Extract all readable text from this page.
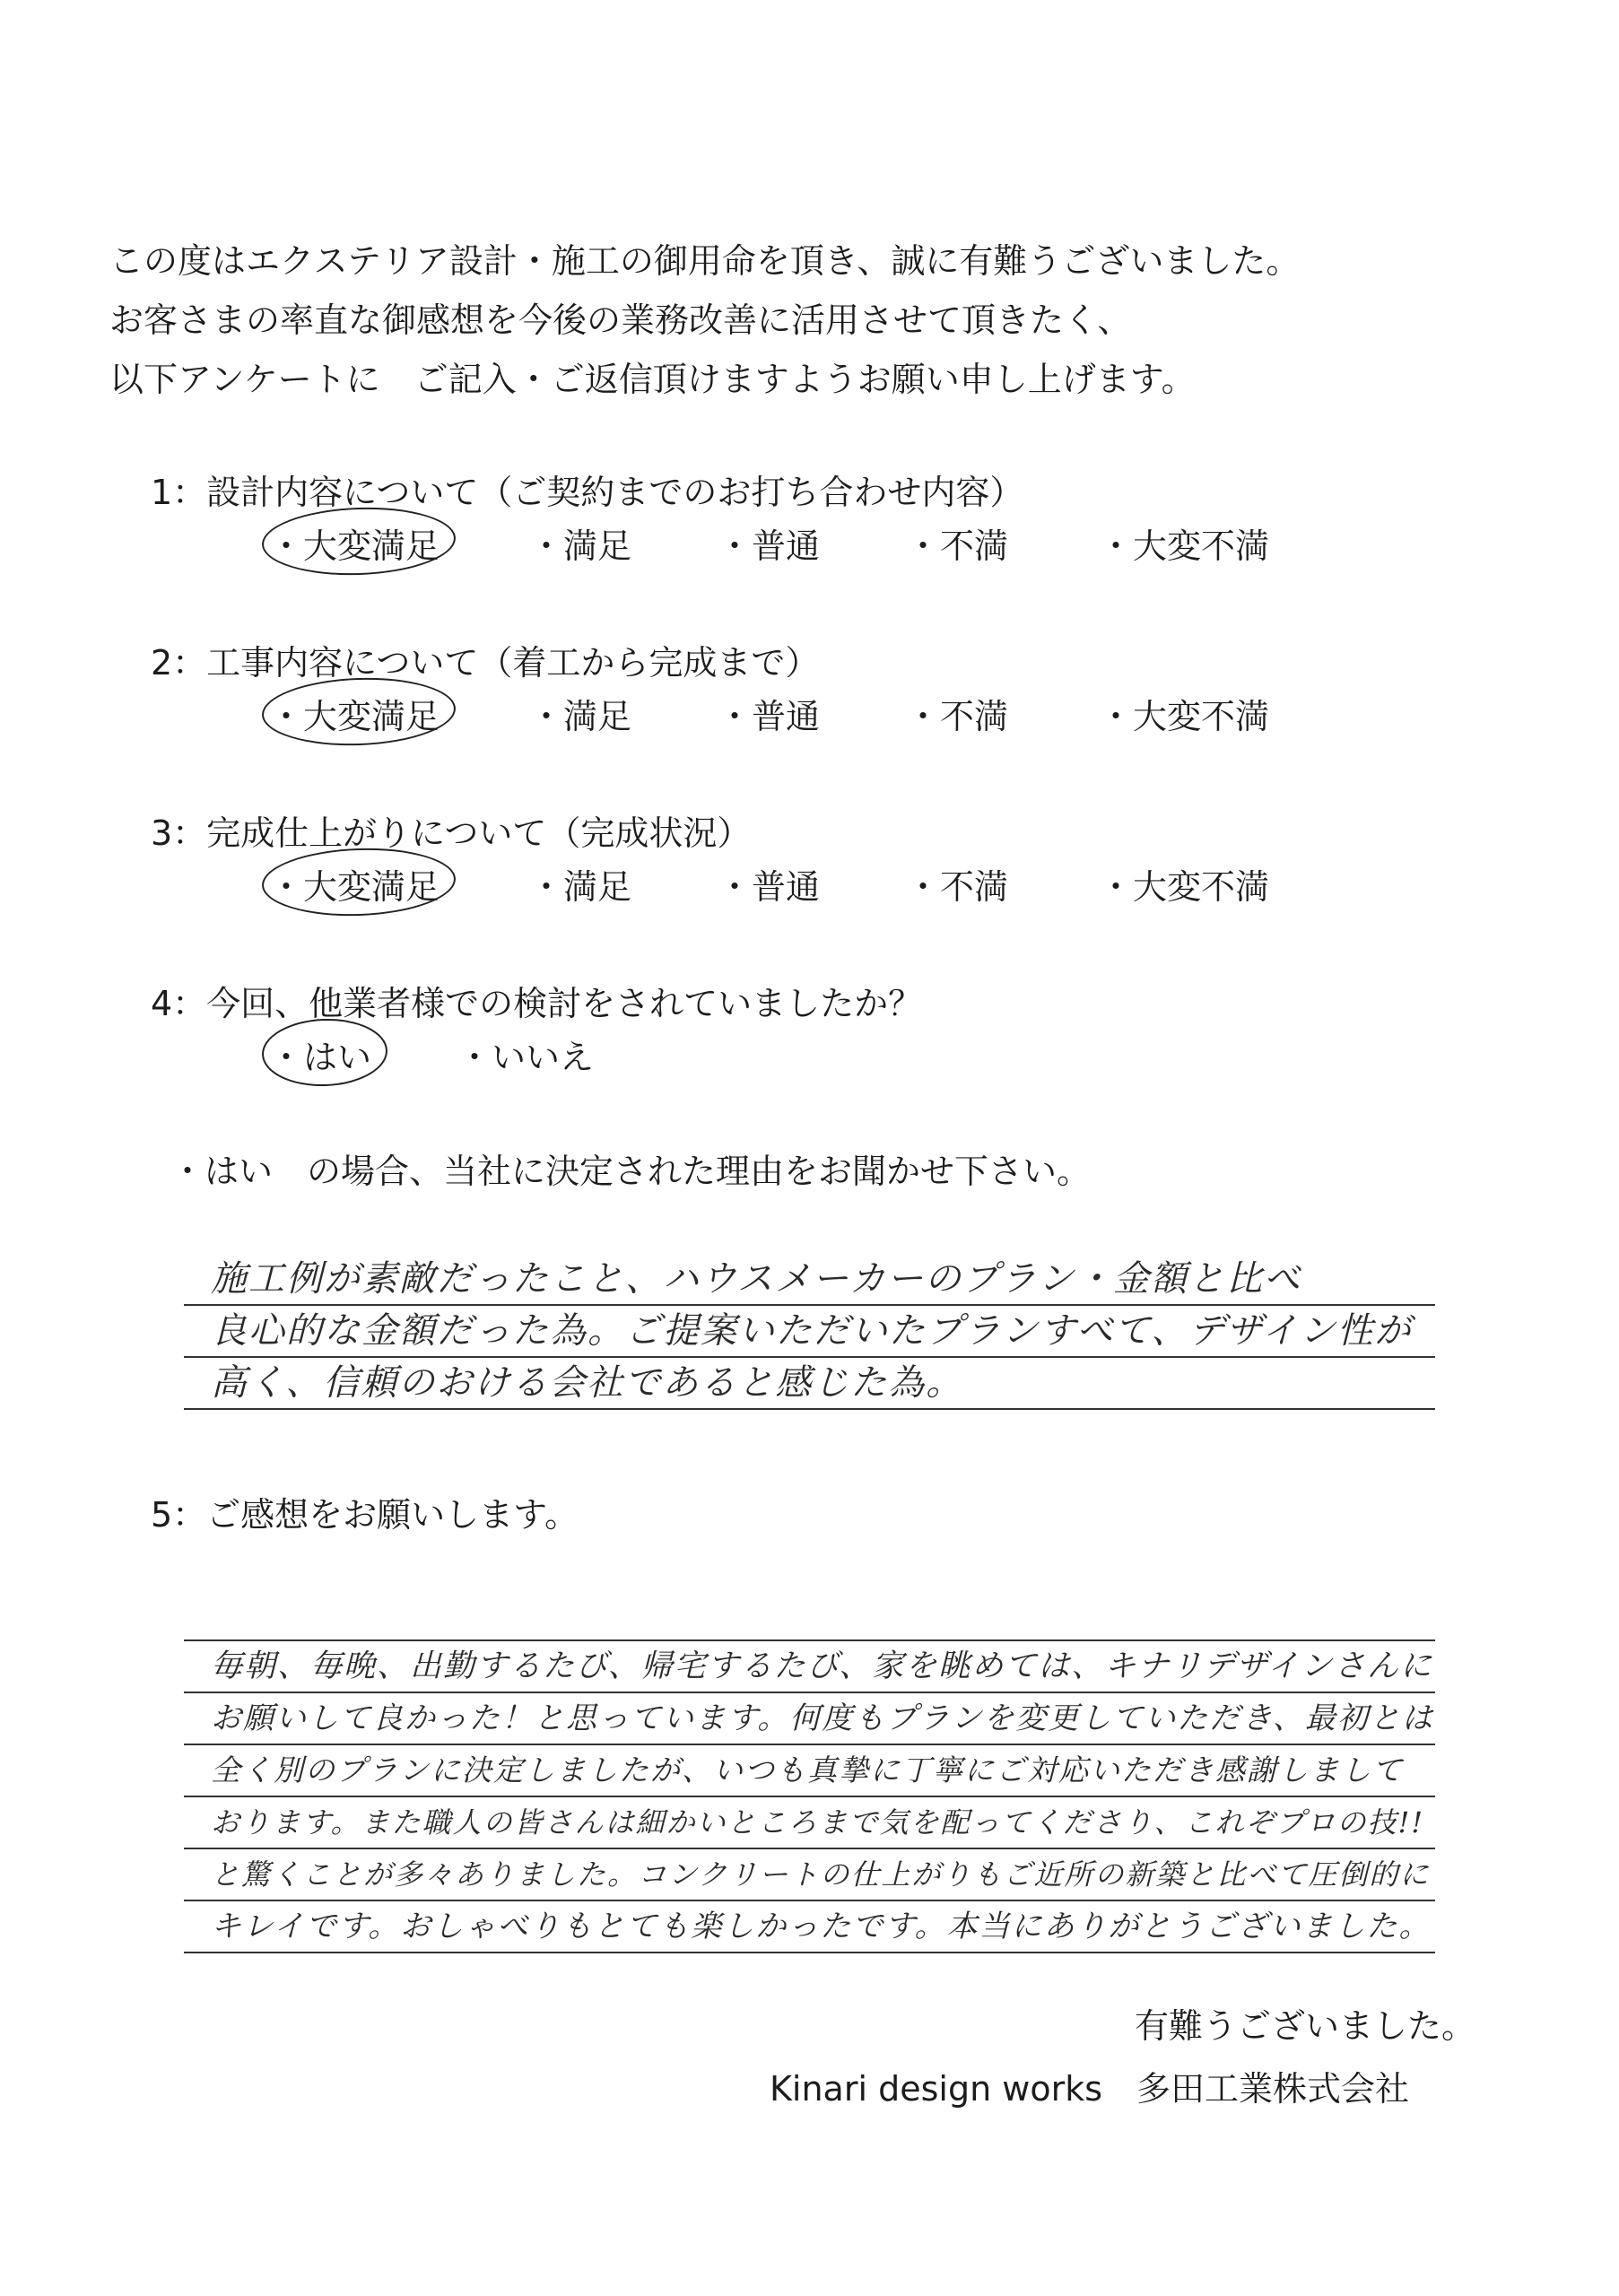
この度はエクステリア設計・施工の御用命を頂き、誠に有難うございました。
お客さまの率直な御感想を今後の業務改善に活用させて頂きたく、
以下アンケートに　ご記入・ご返信頂けますようお願い申し上げます。
1：設計内容について（ご契約までのお打ち合わせ内容）
・大変満足	・満足	・普通	・不満	・大変不満
2：工事内容について（着工から完成まで）
・大変満足	・満足	・普通	・不満	・大変不満
3：完成仕上がりについて（完成状況）
・大変満足	・満足	・普通	・不満	・大変不満
4：今回、他業者様での検討をされていましたか？
・はい	・いいえ
・はい　の場合、当社に決定された理由をお聞かせ下さい。
施工例が素敵だったこと、ハウスメーカーのプラン・金額と比べ
良心的な金額だった為。ご提案いただいたプランすべて、デザイン性が
高く、信頼のおける会社であると感じた為。
5：ご感想をお願いします。
毎朝、毎晩、出勤するたび、帰宅するたび、家を眺めては、キナリデザインさんに
お願いして良かった！と思っています。何度もプランを変更していただき、最初とは
全く別のプランに決定しましたが、いつも真摯に丁寧にご対応いただき感謝しまして
おります。また職人の皆さんは細かいところまで気を配ってくださり、これぞプロの技!!
と驚くことが多々ありました。コンクリートの仕上がりもご近所の新築と比べて圧倒的に
キレイです。おしゃべりもとても楽しかったです。本当にありがとうございました。
有難うございました。
Kinari design works　多田工業株式会社
